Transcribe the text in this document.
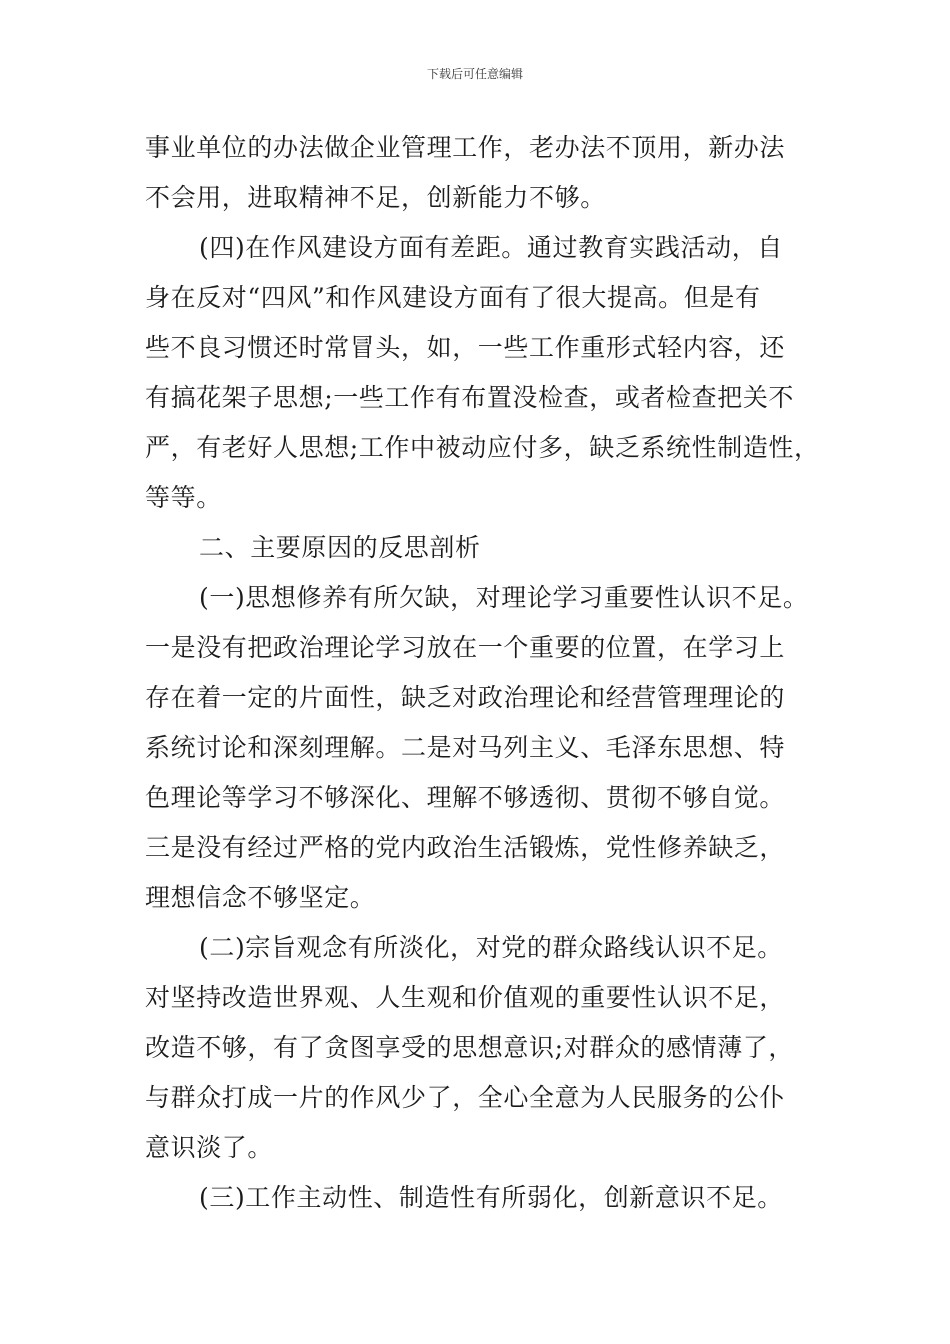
下载后可任意编辑
事业单位的办法做企业管理工作，老办法不顶用，新办法
不会用，进取精神不足，创新能力不够。
(四)在作风建设方面有差距。通过教育实践活动，自
身在反对“四风”和作风建设方面有了很大提高。但是有
些不良习惯还时常冒头，如，一些工作重形式轻内容，还
有搞花架子思想;一些工作有布置没检查，或者检查把关不
严，有老好人思想;工作中被动应付多，缺乏系统性制造性，
等等。
二、主要原因的反思剖析
(一)思想修养有所欠缺，对理论学习重要性认识不足。
一是没有把政治理论学习放在一个重要的位置，在学习上
存在着一定的片面性，缺乏对政治理论和经营管理理论的
系统讨论和深刻理解。二是对马列主义、毛泽东思想、特
色理论等学习不够深化、理解不够透彻、贯彻不够自觉。
三是没有经过严格的党内政治生活锻炼，党性修养缺乏，
理想信念不够坚定。
(二)宗旨观念有所淡化，对党的群众路线认识不足。
对坚持改造世界观、人生观和价值观的重要性认识不足，
改造不够，有了贪图享受的思想意识;对群众的感情薄了，
与群众打成一片的作风少了，全心全意为人民服务的公仆
意识淡了。
(三)工作主动性、制造性有所弱化，创新意识不足。
